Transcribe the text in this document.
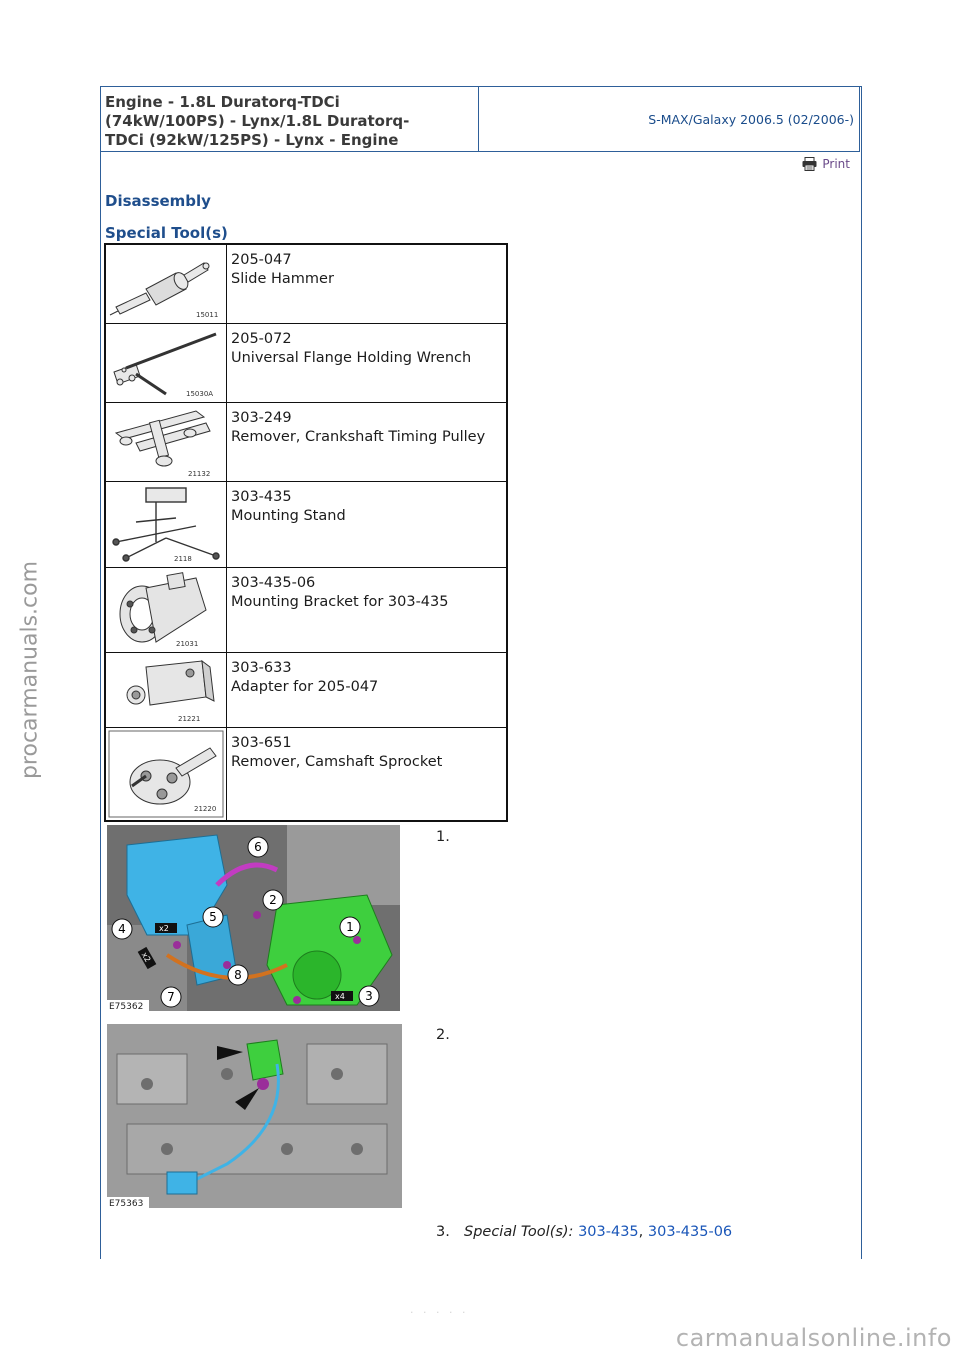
Engine - 1.8L Duratorq-TDCi
(74kW/100PS) - Lynx/1.8L Duratorq-
TDCi (92kW/125PS) - Lynx - Engine
S-MAX/Galaxy 2006.5 (02/2006-)
Print
Disassembly
Special Tool(s)
15011	205-047
Slide Hammer

15030A	205-072
Universal Flange Holding Wrench

21132	303-249
Remover, Crankshaft Timing Pulley

2118	303-435
Mounting Stand

21031	303-435-06
Mounting Bracket for 303-435

21221	303-633
Adapter for 205-047

21220	303-651
Remover, Camshaft Sprocket
1
2
3
4
5
6
7
8
x2
x2
x4
E75362
1.
E75363
2.
3. Special Tool(s): 303-435, 303-435-06
· · · · ·
procarmanuals.com
carmanualsonline.info
